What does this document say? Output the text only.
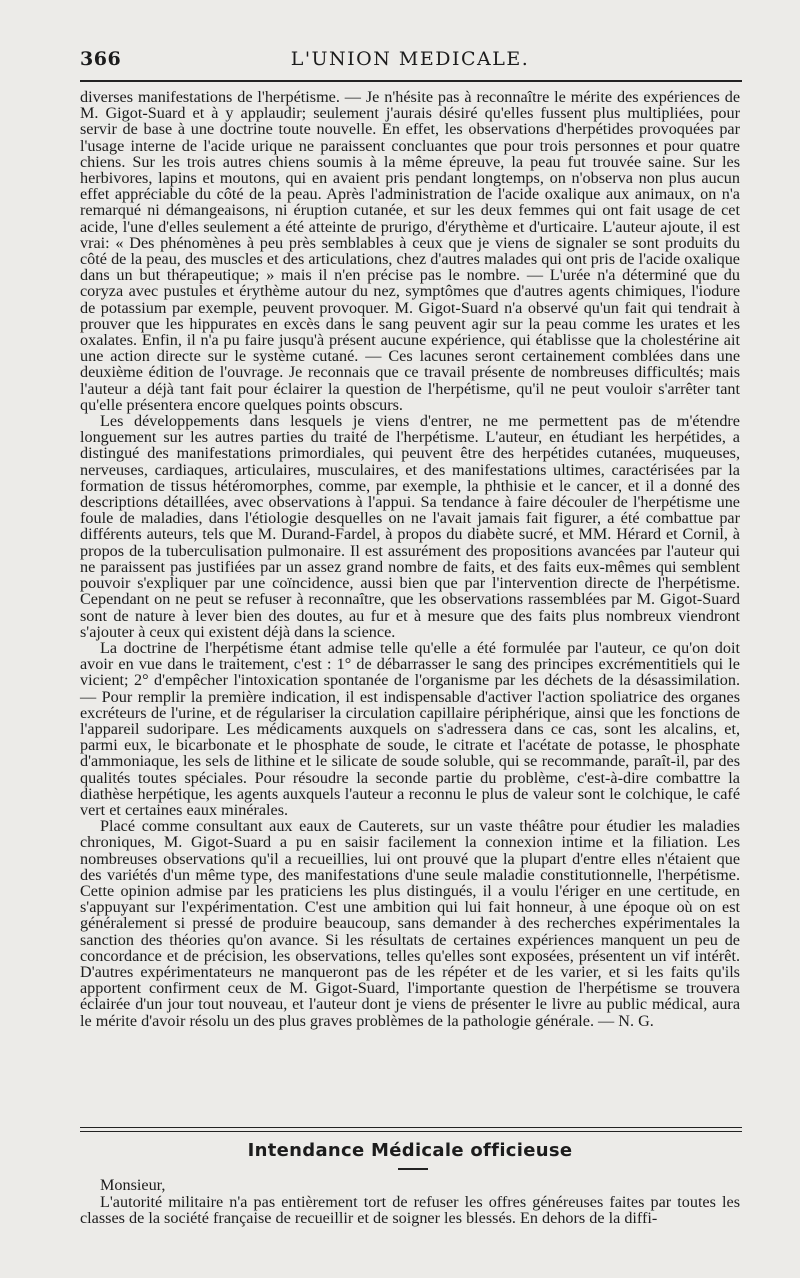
366	L'UNION MEDICALE.

diverses manifestations de l'herpétisme. — Je n'hésite pas à reconnaître le mérite des expériences de M. Gigot-Suard et à y applaudir; seulement j'aurais désiré qu'elles fussent plus multipliées, pour servir de base à une doctrine toute nouvelle. En effet, les observations d'herpétides provoquées par l'usage interne de l'acide urique ne paraissent concluantes que pour trois personnes et pour quatre chiens. Sur les trois autres chiens soumis à la même épreuve, la peau fut trouvée saine. Sur les herbivores, lapins et moutons, qui en avaient pris pendant longtemps, on n'observa non plus aucun effet appréciable du côté de la peau. Après l'administration de l'acide oxalique aux animaux, on n'a remarqué ni démangeaisons, ni éruption cutanée, et sur les deux femmes qui ont fait usage de cet acide, l'une d'elles seulement a été atteinte de prurigo, d'érythème et d'urticaire. L'auteur ajoute, il est vrai: « Des phénomènes à peu près semblables à ceux que je viens de signaler se sont produits du côté de la peau, des muscles et des articulations, chez d'autres malades qui ont pris de l'acide oxalique dans un but thérapeutique; » mais il n'en précise pas le nombre. — L'urée n'a déterminé que du coryza avec pustules et érythème autour du nez, symptômes que d'autres agents chimiques, l'iodure de potassium par exemple, peuvent provoquer. M. Gigot-Suard n'a observé qu'un fait qui tendrait à prouver que les hippurates en excès dans le sang peuvent agir sur la peau comme les urates et les oxalates. Enfin, il n'a pu faire jusqu'à présent aucune expérience, qui établisse que la cholestérine ait une action directe sur le système cutané. — Ces lacunes seront certainement comblées dans une deuxième édition de l'ouvrage. Je reconnais que ce travail présente de nombreuses difficultés; mais l'auteur a déjà tant fait pour éclairer la question de l'herpétisme, qu'il ne peut vouloir s'arrêter tant qu'elle présentera encore quelques points obscurs.

Les développements dans lesquels je viens d'entrer, ne me permettent pas de m'étendre longuement sur les autres parties du traité de l'herpétisme. L'auteur, en étudiant les herpétides, a distingué des manifestations primordiales, qui peuvent être des herpétides cutanées, muqueuses, nerveuses, cardiaques, articulaires, musculaires, et des manifestations ultimes, caractérisées par la formation de tissus hétéromorphes, comme, par exemple, la phthisie et le cancer, et il a donné des descriptions détaillées, avec observations à l'appui. Sa tendance à faire découler de l'herpétisme une foule de maladies, dans l'étiologie desquelles on ne l'avait jamais fait figurer, a été combattue par différents auteurs, tels que M. Durand-Fardel, à propos du diabète sucré, et MM. Hérard et Cornil, à propos de la tuberculisation pulmonaire. Il est assurément des propositions avancées par l'auteur qui ne paraissent pas justifiées par un assez grand nombre de faits, et des faits eux-mêmes qui semblent pouvoir s'expliquer par une coïncidence, aussi bien que par l'intervention directe de l'herpétisme. Cependant on ne peut se refuser à reconnaître, que les observations rassemblées par M. Gigot-Suard sont de nature à lever bien des doutes, au fur et à mesure que des faits plus nombreux viendront s'ajouter à ceux qui existent déjà dans la science.

La doctrine de l'herpétisme étant admise telle qu'elle a été formulée par l'auteur, ce qu'on doit avoir en vue dans le traitement, c'est : 1° de débarrasser le sang des principes excrémentitiels qui le vicient; 2° d'empêcher l'intoxication spontanée de l'organisme par les déchets de la désassimilation. — Pour remplir la première indication, il est indispensable d'activer l'action spoliatrice des organes excréteurs de l'urine, et de régulariser la circulation capillaire périphérique, ainsi que les fonctions de l'appareil sudoripare. Les médicaments auxquels on s'adressera dans ce cas, sont les alcalins, et, parmi eux, le bicarbonate et le phosphate de soude, le citrate et l'acétate de potasse, le phosphate d'ammoniaque, les sels de lithine et le silicate de soude soluble, qui se recommande, paraît-il, par des qualités toutes spéciales. Pour résoudre la seconde partie du problème, c'est-à-dire combattre la diathèse herpétique, les agents auxquels l'auteur a reconnu le plus de valeur sont le colchique, le café vert et certaines eaux minérales.

Placé comme consultant aux eaux de Cauterets, sur un vaste théâtre pour étudier les maladies chroniques, M. Gigot-Suard a pu en saisir facilement la connexion intime et la filiation. Les nombreuses observations qu'il a recueillies, lui ont prouvé que la plupart d'entre elles n'étaient que des variétés d'un même type, des manifestations d'une seule maladie constitutionnelle, l'herpétisme. Cette opinion admise par les praticiens les plus distingués, il a voulu l'ériger en une certitude, en s'appuyant sur l'expérimentation. C'est une ambition qui lui fait honneur, à une époque où on est généralement si pressé de produire beaucoup, sans demander à des recherches expérimentales la sanction des théories qu'on avance. Si les résultats de certaines expériences manquent un peu de concordance et de précision, les observations, telles qu'elles sont exposées, présentent un vif intérêt. D'autres expérimentateurs ne manqueront pas de les répéter et de les varier, et si les faits qu'ils apportent confirment ceux de M. Gigot-Suard, l'importante question de l'herpétisme se trouvera éclairée d'un jour tout nouveau, et l'auteur dont je viens de présenter le livre au public médical, aura le mérite d'avoir résolu un des plus graves problèmes de la pathologie générale. — N. G.

Intendance Médicale officieuse
Monsieur,
L'autorité militaire n'a pas entièrement tort de refuser les offres généreuses faites par toutes les classes de la société française de recueillir et de soigner les blessés. En dehors de la diffi-
